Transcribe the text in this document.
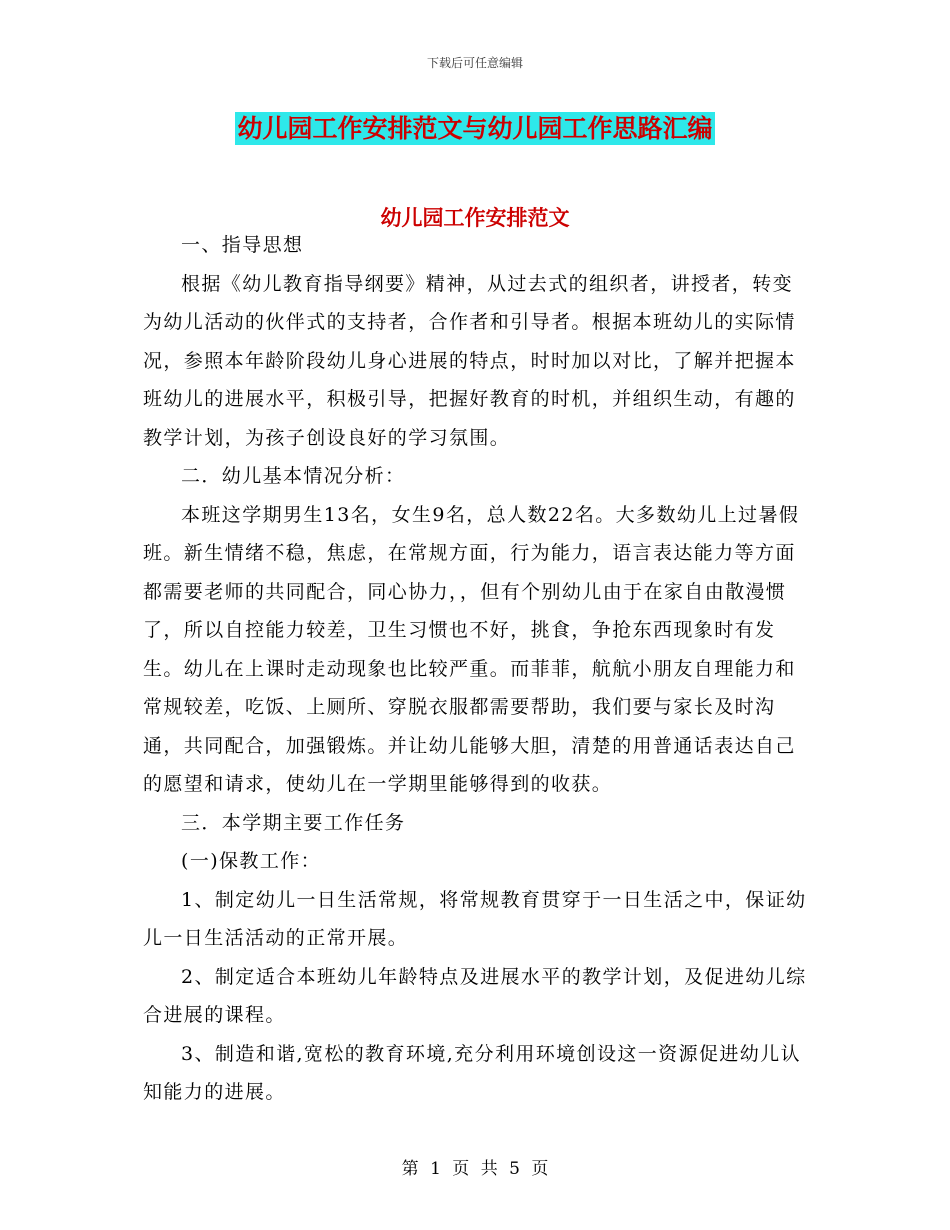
下载后可任意编辑
幼儿园工作安排范文与幼儿园工作思路汇编
幼儿园工作安排范文

一、指导思想

根据《幼儿教育指导纲要》精神，从过去式的组织者，讲授者，转变为幼儿活动的伙伴式的支持者，合作者和引导者。根据本班幼儿的实际情况，参照本年龄阶段幼儿身心进展的特点，时时加以对比，了解并把握本班幼儿的进展水平，积极引导，把握好教育的时机，并组织生动，有趣的教学计划，为孩子创设良好的学习氛围。

二．幼儿基本情况分析：

本班这学期男生13名，女生9名，总人数22名。大多数幼儿上过暑假班。新生情绪不稳，焦虑，在常规方面，行为能力，语言表达能力等方面都需要老师的共同配合，同心协力，，但有个别幼儿由于在家自由散漫惯了，所以自控能力较差，卫生习惯也不好，挑食，争抢东西现象时有发生。幼儿在上课时走动现象也比较严重。而菲菲，航航小朋友自理能力和常规较差，吃饭、上厕所、穿脱衣服都需要帮助，我们要与家长及时沟通，共同配合，加强锻炼。并让幼儿能够大胆，清楚的用普通话表达自己的愿望和请求，使幼儿在一学期里能够得到的收获。

三．本学期主要工作任务

(一)保教工作：

1、制定幼儿一日生活常规，将常规教育贯穿于一日生活之中，保证幼儿一日生活活动的正常开展。

2、制定适合本班幼儿年龄特点及进展水平的教学计划，及促进幼儿综合进展的课程。

3、制造和谐,宽松的教育环境,充分利用环境创设这一资源促进幼儿认知能力的进展。

第 1 页 共 5 页
